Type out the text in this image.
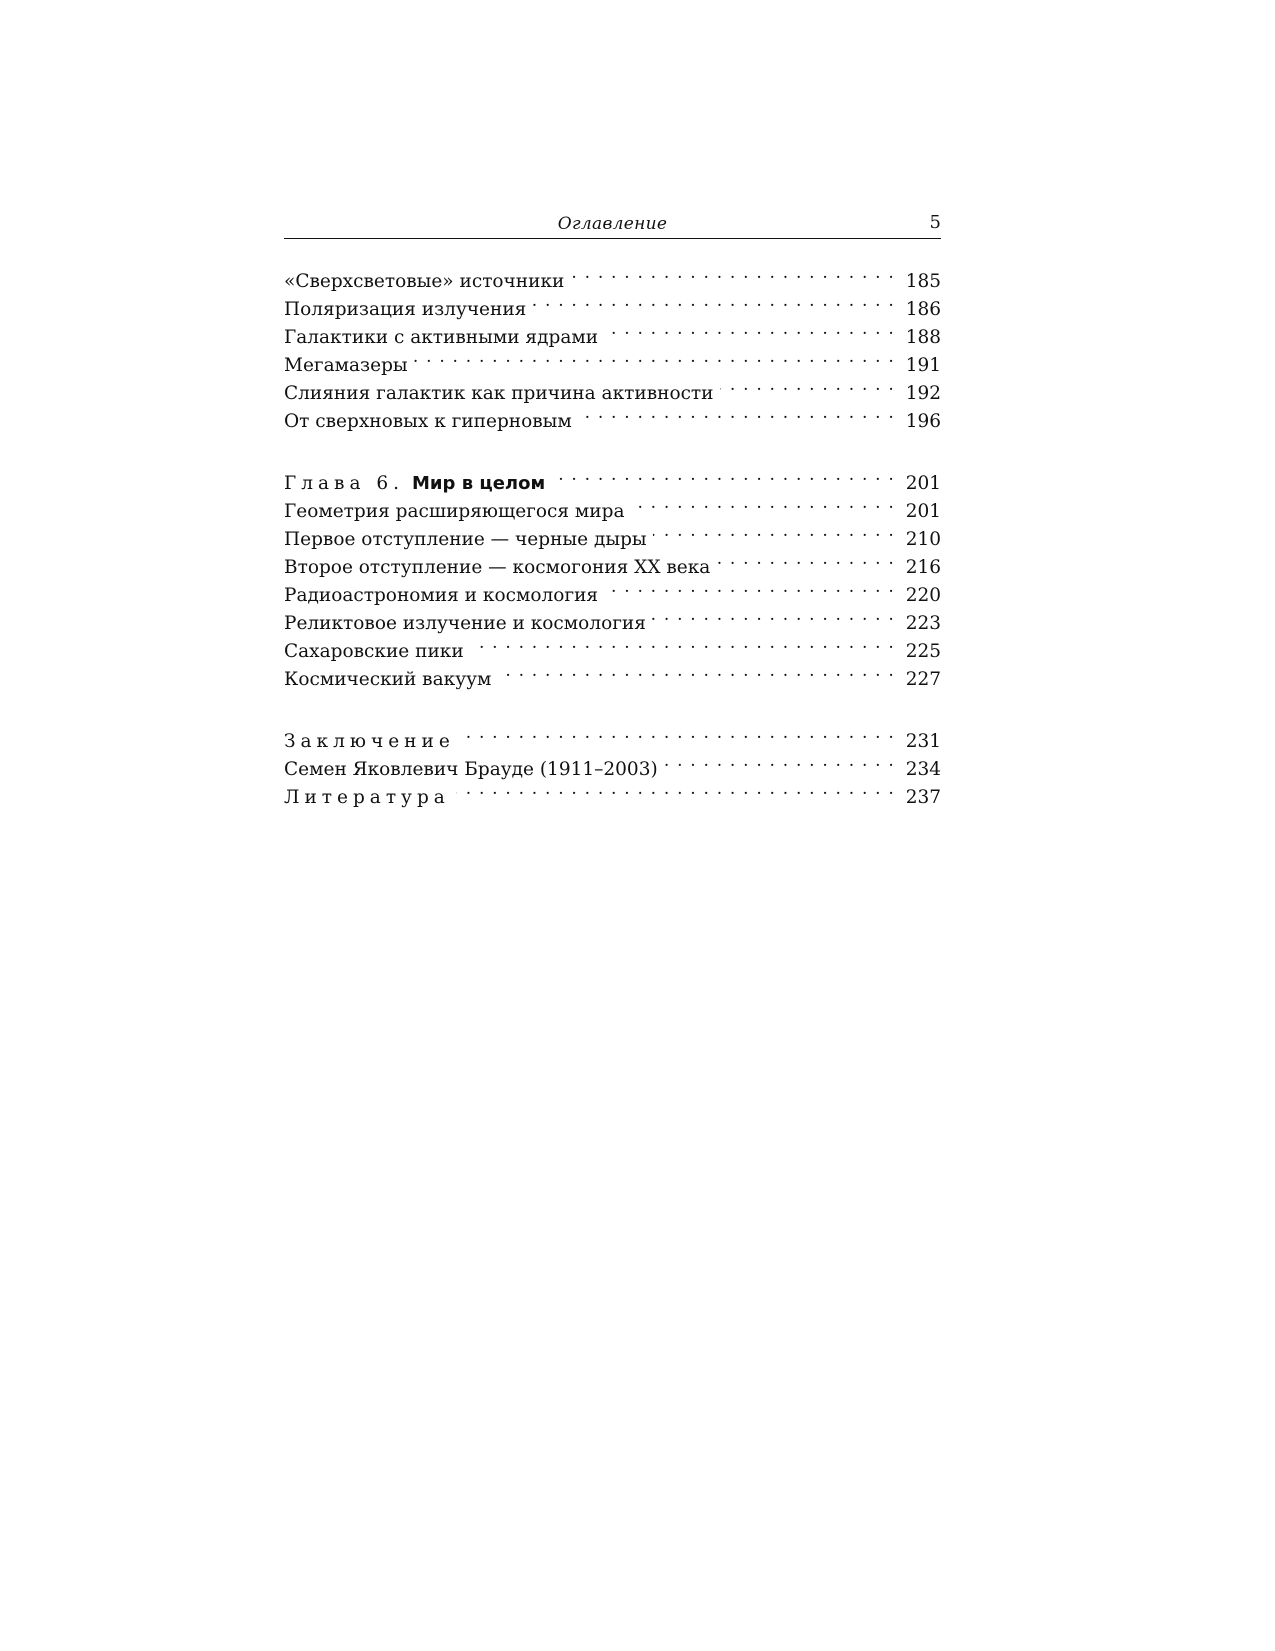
Оглавление	5
«Сверхсветовые» источники . . .	185
Поляризация излучения . . .	186
Галактики с активными ядрами . . .	188
Мегамазеры . . .	191
Слияния галактик как причина активности . . .	192
От сверхновых к гиперновым . . .	196
Глава 6. Мир в целом . . .	201
Геометрия расширяющегося мира . . .	201
Первое отступление — черные дыры . . .	210
Второе отступление — космогония XX века . . .	216
Радиоастрономия и космология . . .	220
Реликтовое излучение и космология . . .	223
Сахаровские пики . . .	225
Космический вакуум . . .	227
Заключение . . .	231
Семен Яковлевич Брауде (1911–2003) . . .	234
Литература . . .	237
